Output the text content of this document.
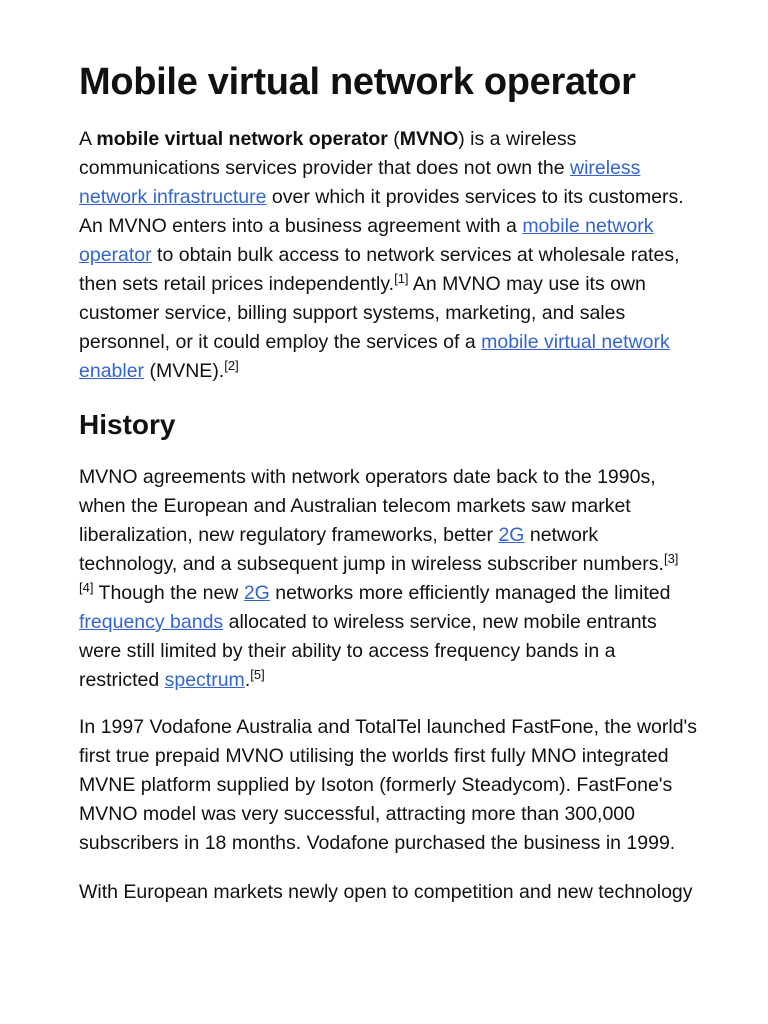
Mobile virtual network operator
A mobile virtual network operator (MVNO) is a wireless
communications services provider that does not own the wireless
network infrastructure over which it provides services to its customers.
An MVNO enters into a business agreement with a mobile network
operator to obtain bulk access to network services at wholesale rates,
then sets retail prices independently.[1] An MVNO may use its own
customer service, billing support systems, marketing, and sales
personnel, or it could employ the services of a mobile virtual network
enabler (MVNE).[2]
History
MVNO agreements with network operators date back to the 1990s,
when the European and Australian telecom markets saw market
liberalization, new regulatory frameworks, better 2G network
technology, and a subsequent jump in wireless subscriber numbers.[3]
[4] Though the new 2G networks more efficiently managed the limited
frequency bands allocated to wireless service, new mobile entrants
were still limited by their ability to access frequency bands in a
restricted spectrum.[5]
In 1997 Vodafone Australia and TotalTel launched FastFone, the world's
first true prepaid MVNO utilising the worlds first fully MNO integrated
MVNE platform supplied by Isoton (formerly Steadycom). FastFone's
MVNO model was very successful, attracting more than 300,000
subscribers in 18 months. Vodafone purchased the business in 1999.
With European markets newly open to competition and new technology
